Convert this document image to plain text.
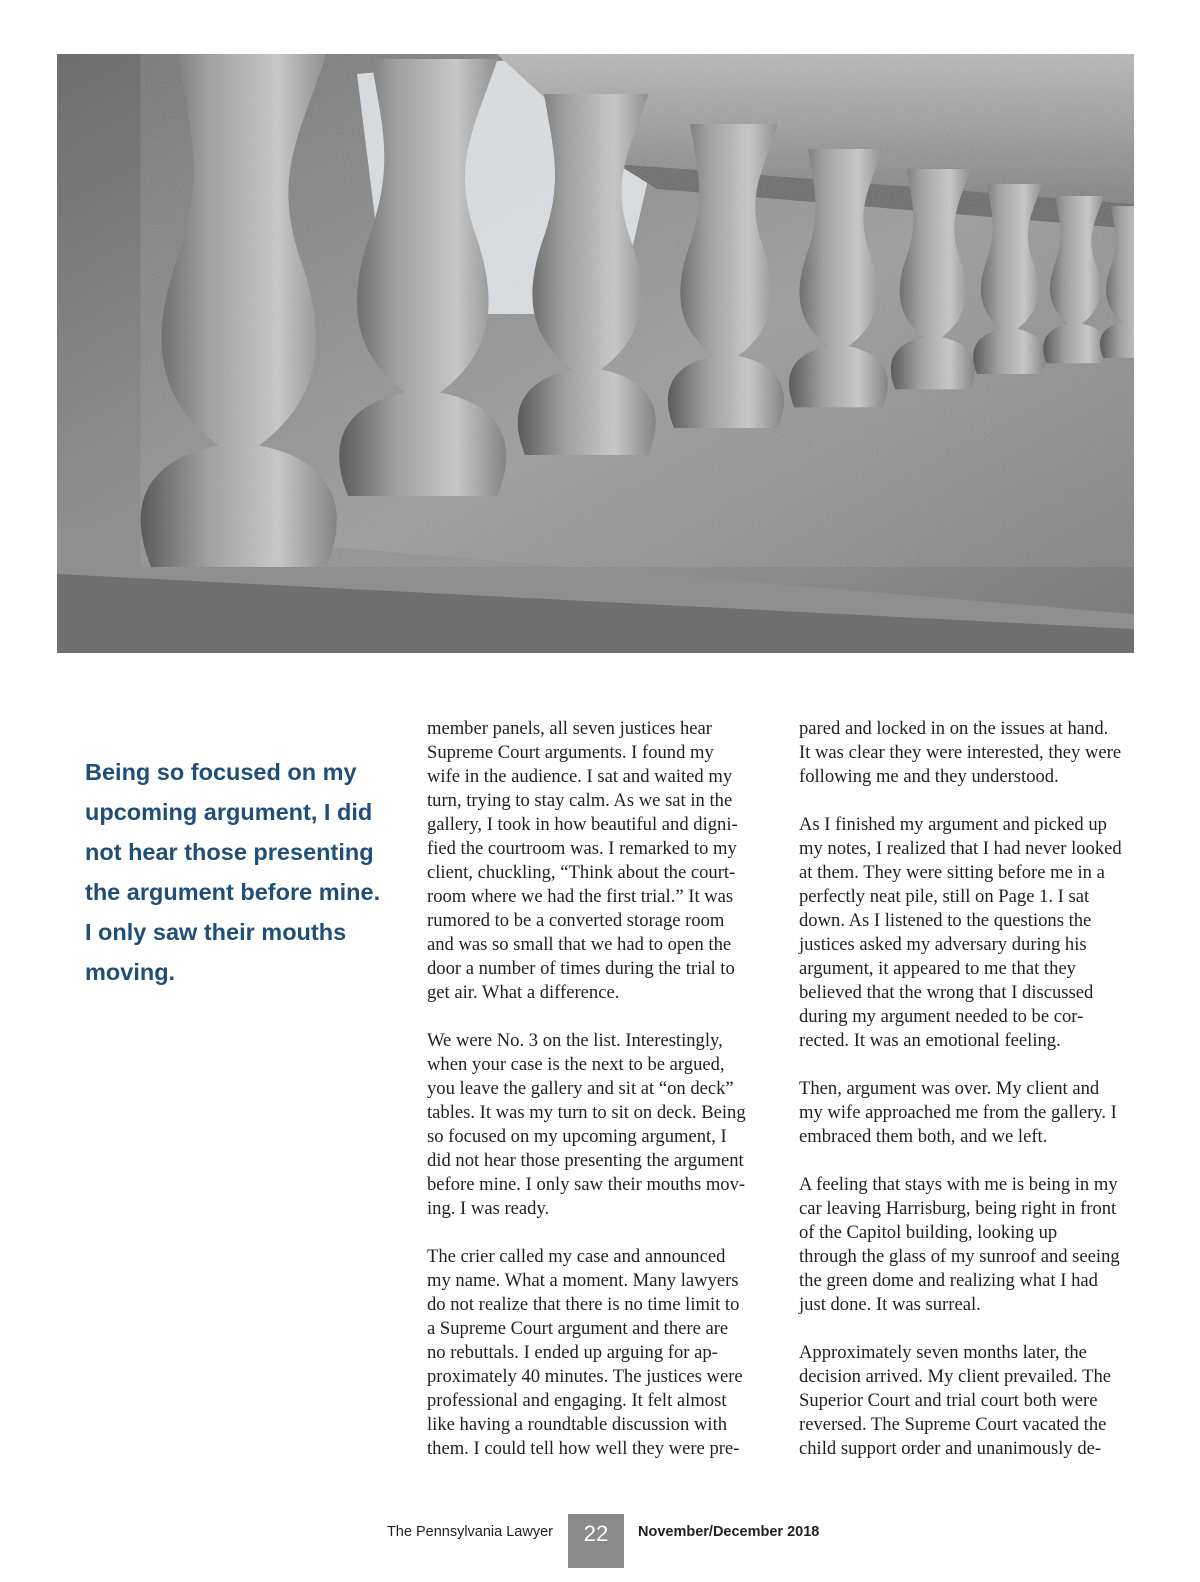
Being so focused on my upcoming argument, I did not hear those presenting the argument before mine. I only saw their mouths moving.

member panels, all seven justices hear
Supreme Court arguments. I found my
wife in the audience. I sat and waited my
turn, trying to stay calm. As we sat in the
gallery, I took in how beautiful and digni-
fied the courtroom was. I remarked to my
client, chuckling, “Think about the court-
room where we had the first trial.” It was
rumored to be a converted storage room
and was so small that we had to open the
door a number of times during the trial to
get air. What a difference.

We were No. 3 on the list. Interestingly,
when your case is the next to be argued,
you leave the gallery and sit at “on deck”
tables. It was my turn to sit on deck. Being
so focused on my upcoming argument, I
did not hear those presenting the argument
before mine. I only saw their mouths mov-
ing. I was ready.

The crier called my case and announced
my name. What a moment. Many lawyers
do not realize that there is no time limit to
a Supreme Court argument and there are
no rebuttals. I ended up arguing for ap-
proximately 40 minutes. The justices were
professional and engaging. It felt almost
like having a roundtable discussion with
them. I could tell how well they were pre-

pared and locked in on the issues at hand.
It was clear they were interested, they were
following me and they understood.

As I finished my argument and picked up
my notes, I realized that I had never looked
at them. They were sitting before me in a
perfectly neat pile, still on Page 1. I sat
down. As I listened to the questions the
justices asked my adversary during his
argument, it appeared to me that they
believed that the wrong that I discussed
during my argument needed to be cor-
rected. It was an emotional feeling.

Then, argument was over. My client and
my wife approached me from the gallery. I
embraced them both, and we left.

A feeling that stays with me is being in my
car leaving Harrisburg, being right in front
of the Capitol building, looking up
through the glass of my sunroof and seeing
the green dome and realizing what I had
just done. It was surreal.

Approximately seven months later, the
decision arrived. My client prevailed. The
Superior Court and trial court both were
reversed. The Supreme Court vacated the
child support order and unanimously de-

The Pennsylvania Lawyer	22	November/December 2018
